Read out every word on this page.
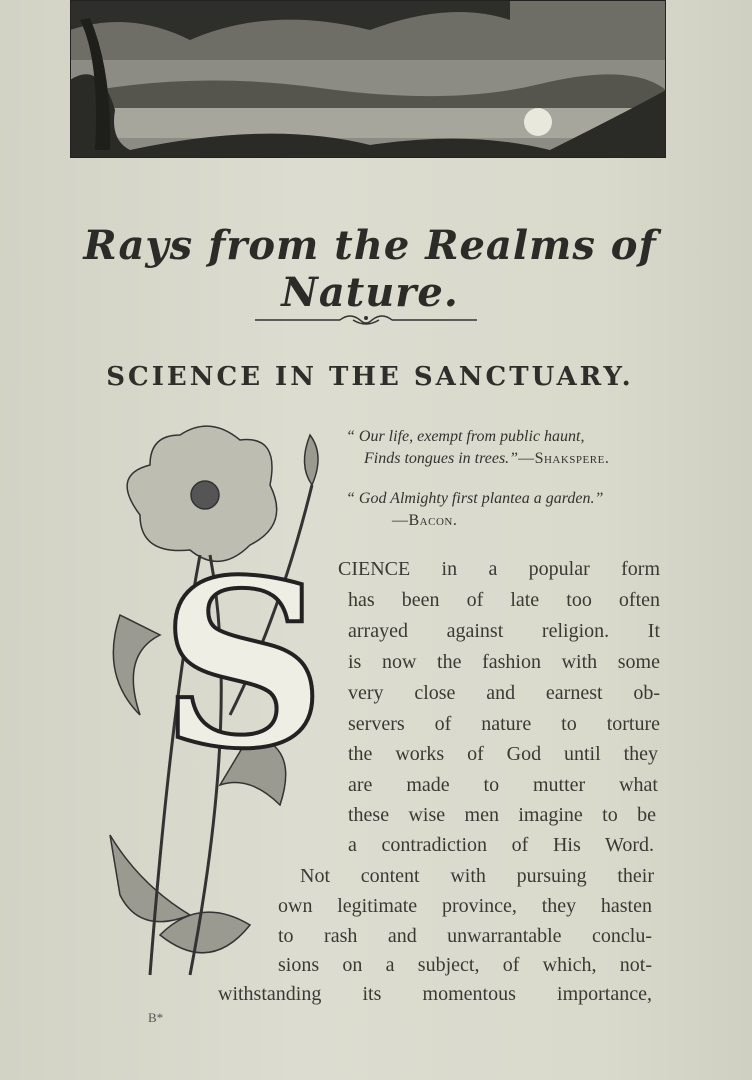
Rays from the Realms of Nature.
SCIENCE IN THE SANCTUARY.
S
“ Our life, exempt from public haunt,
Finds tongues in trees.”—Shakspere.
“ God Almighty first plantea a garden.”
—Bacon.
CIENCE in a popular form
has been of late too often
arrayed against religion. It
is now the fashion with some
very close and earnest ob-
servers of nature to torture
the works of God until they
are made to mutter what
these wise men imagine to be
a contradiction of His Word.
Not content with pursuing their
own legitimate province, they hasten
to rash and unwarrantable conclu-
sions on a subject, of which, not-
withstanding its momentous importance,
B*
